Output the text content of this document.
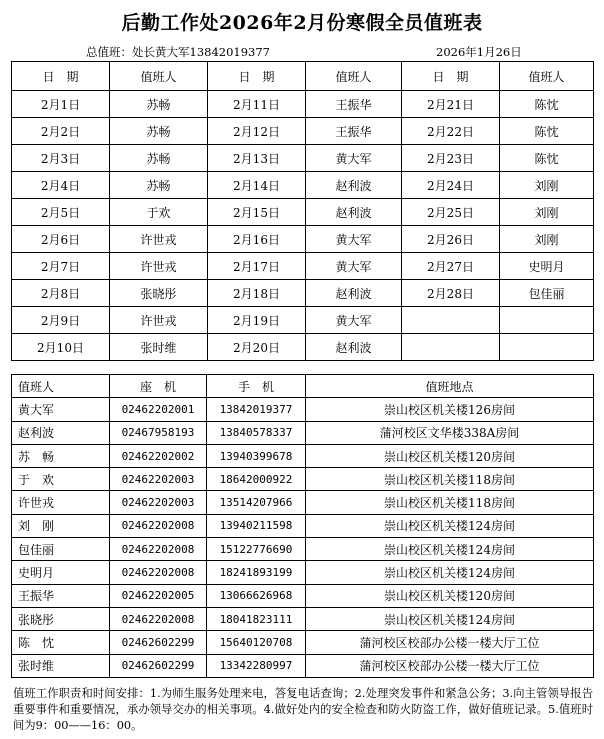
后勤工作处2026年2月份寒假全员值班表
总值班：处长黄大军13842019377	2026年1月26日
日　期	值班人	日　期	值班人	日　期	值班人
2月1日	苏畅	2月11日	王振华	2月21日	陈忱
2月2日	苏畅	2月12日	王振华	2月22日	陈忱
2月3日	苏畅	2月13日	黄大军	2月23日	陈忱
2月4日	苏畅	2月14日	赵利波	2月24日	刘刚
2月5日	于欢	2月15日	赵利波	2月25日	刘刚
2月6日	许世戎	2月16日	黄大军	2月26日	刘刚
2月7日	许世戎	2月17日	黄大军	2月27日	史明月
2月8日	张晓彤	2月18日	赵利波	2月28日	包佳丽
2月9日	许世戎	2月19日	黄大军		
2月10日	张时维	2月20日	赵利波		
值班人	座　机	手　机	值班地点
黄大军	02462202001	13842019377	崇山校区机关楼126房间
赵利波	02467958193	13840578337	蒲河校区文华楼338A房间
苏　畅	02462202002	13940399678	崇山校区机关楼120房间
于　欢	02462202003	18642000922	崇山校区机关楼118房间
许世戎	02462202003	13514207966	崇山校区机关楼118房间
刘　刚	02462202008	13940211598	崇山校区机关楼124房间
包佳丽	02462202008	15122776690	崇山校区机关楼124房间
史明月	02462202008	18241893199	崇山校区机关楼124房间
王振华	02462202005	13066626968	崇山校区机关楼120房间
张晓彤	02462202008	18041823111	崇山校区机关楼124房间
陈　忱	02462602299	15640120708	蒲河校区校部办公楼一楼大厅工位
张时维	02462602299	13342280997	蒲河校区校部办公楼一楼大厅工位
值班工作职责和时间安排：1.为师生服务处理来电，答复电话查询；2.处理突发事件和紧急公务；3.向主管领导报告重要事件和重要情况，承办领导交办的相关事项。4.做好处内的安全检查和防火防盗工作，做好值班记录。5.值班时间为9：00——16：00。
